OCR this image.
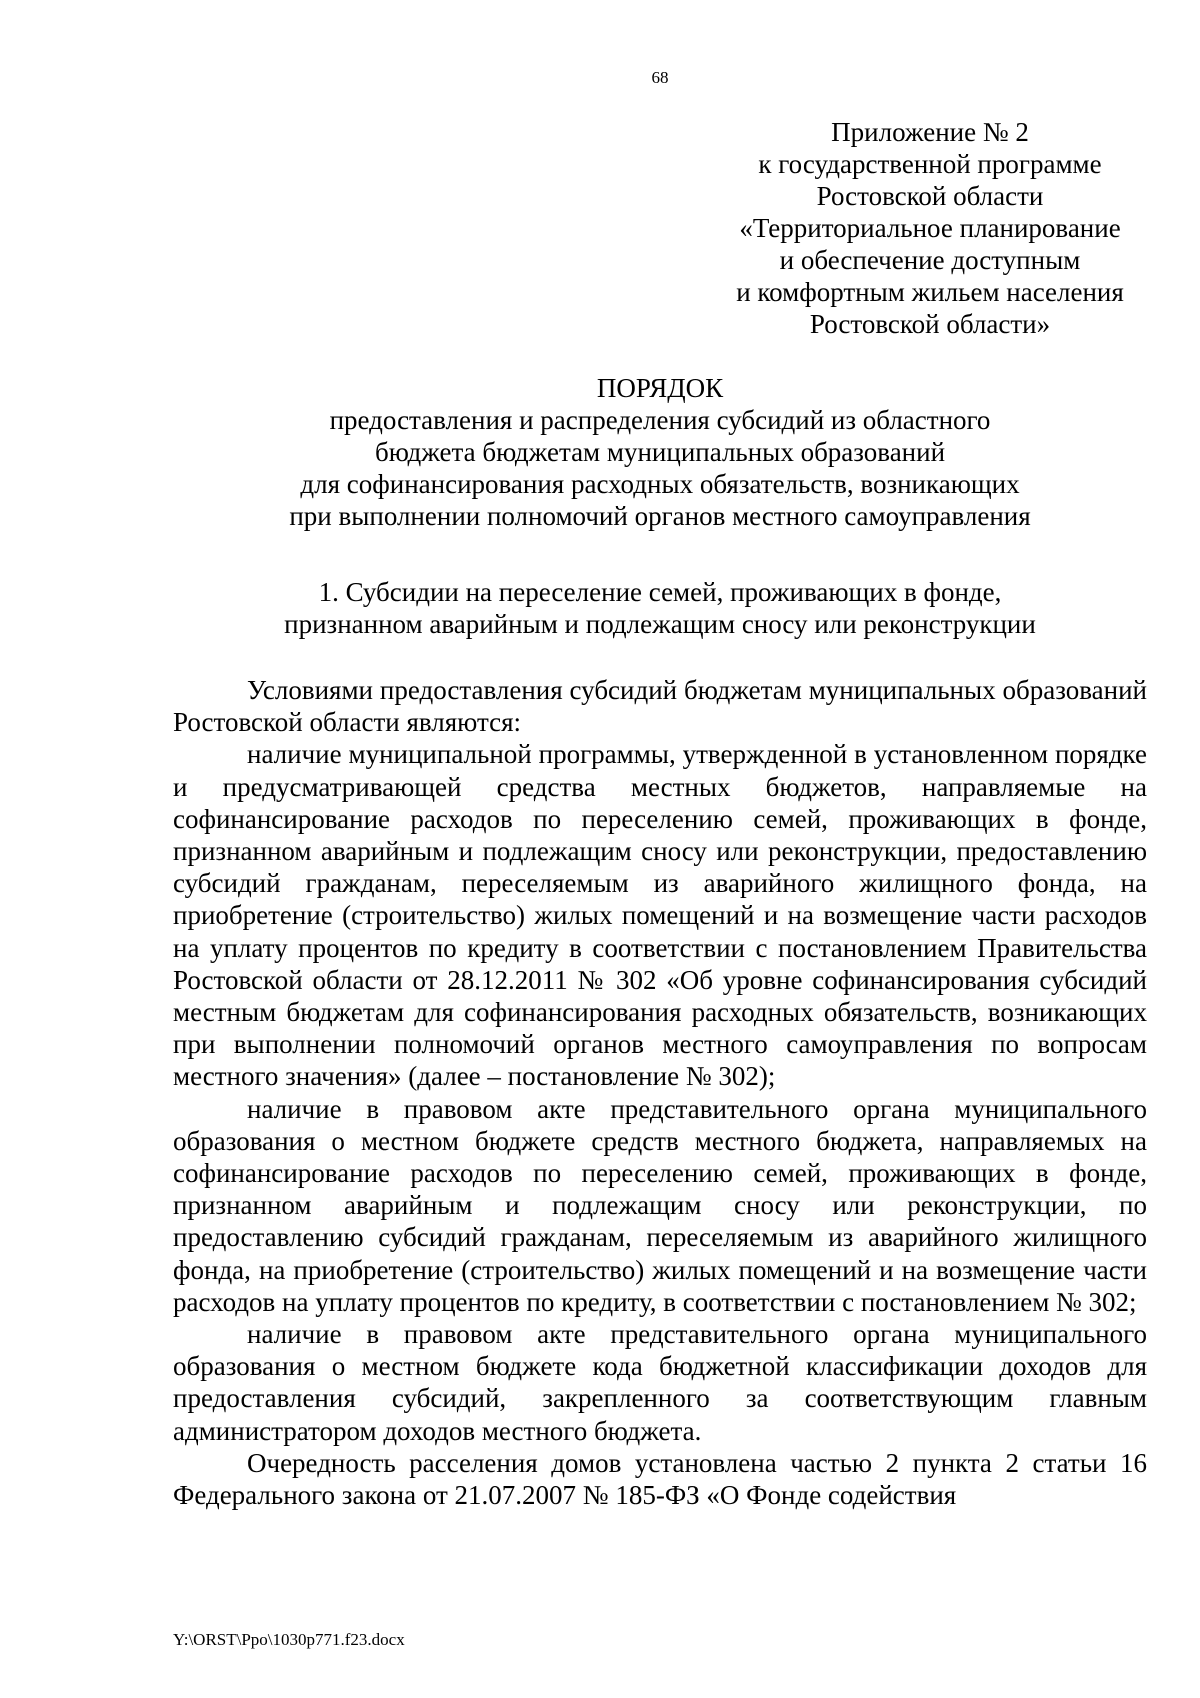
68
Приложение № 2
к государственной программе
Ростовской области
«Территориальное планирование
и обеспечение доступным
и комфортным жильем населения
Ростовской области»
ПОРЯДОК
предоставления и распределения субсидий из областного
бюджета бюджетам муниципальных образований
для софинансирования расходных обязательств, возникающих
при выполнении полномочий органов местного самоуправления
1. Субсидии на переселение семей, проживающих в фонде,
признанном аварийным и подлежащим сносу или реконструкции

Условиями предоставления субсидий бюджетам муниципальных образований Ростовской области являются:

наличие муниципальной программы, утвержденной в установленном порядке и предусматривающей средства местных бюджетов, направляемые на софинансирование расходов по переселению семей, проживающих в фонде, признанном аварийным и подлежащим сносу или реконструкции, предоставлению субсидий гражданам, переселяемым из аварийного жилищного фонда, на приобретение (строительство) жилых помещений и на возмещение части расходов на уплату процентов по кредиту в соответствии с постановлением Правительства Ростовской области от 28.12.2011 № 302 «Об уровне софинансирования субсидий местным бюджетам для софинансирования расходных обязательств, возникающих при выполнении полномочий органов местного самоуправления по вопросам местного значения» (далее – постановление № 302);

наличие в правовом акте представительного органа муниципального образования о местном бюджете средств местного бюджета, направляемых на софинансирование расходов по переселению семей, проживающих в фонде, признанном аварийным и подлежащим сносу или реконструкции, по предоставлению субсидий гражданам, переселяемым из аварийного жилищного фонда, на приобретение (строительство) жилых помещений и на возмещение части расходов на уплату процентов по кредиту, в соответствии с постановлением № 302;

наличие в правовом акте представительного органа муниципального образования о местном бюджете кода бюджетной классификации доходов для предоставления субсидий, закрепленного за соответствующим главным администратором доходов местного бюджета.

Очередность расселения домов установлена частью 2 пункта 2 статьи 16 Федерального закона от 21.07.2007 № 185-ФЗ «О Фонде содействия

Y:\ORST\Ppo\1030p771.f23.docx
